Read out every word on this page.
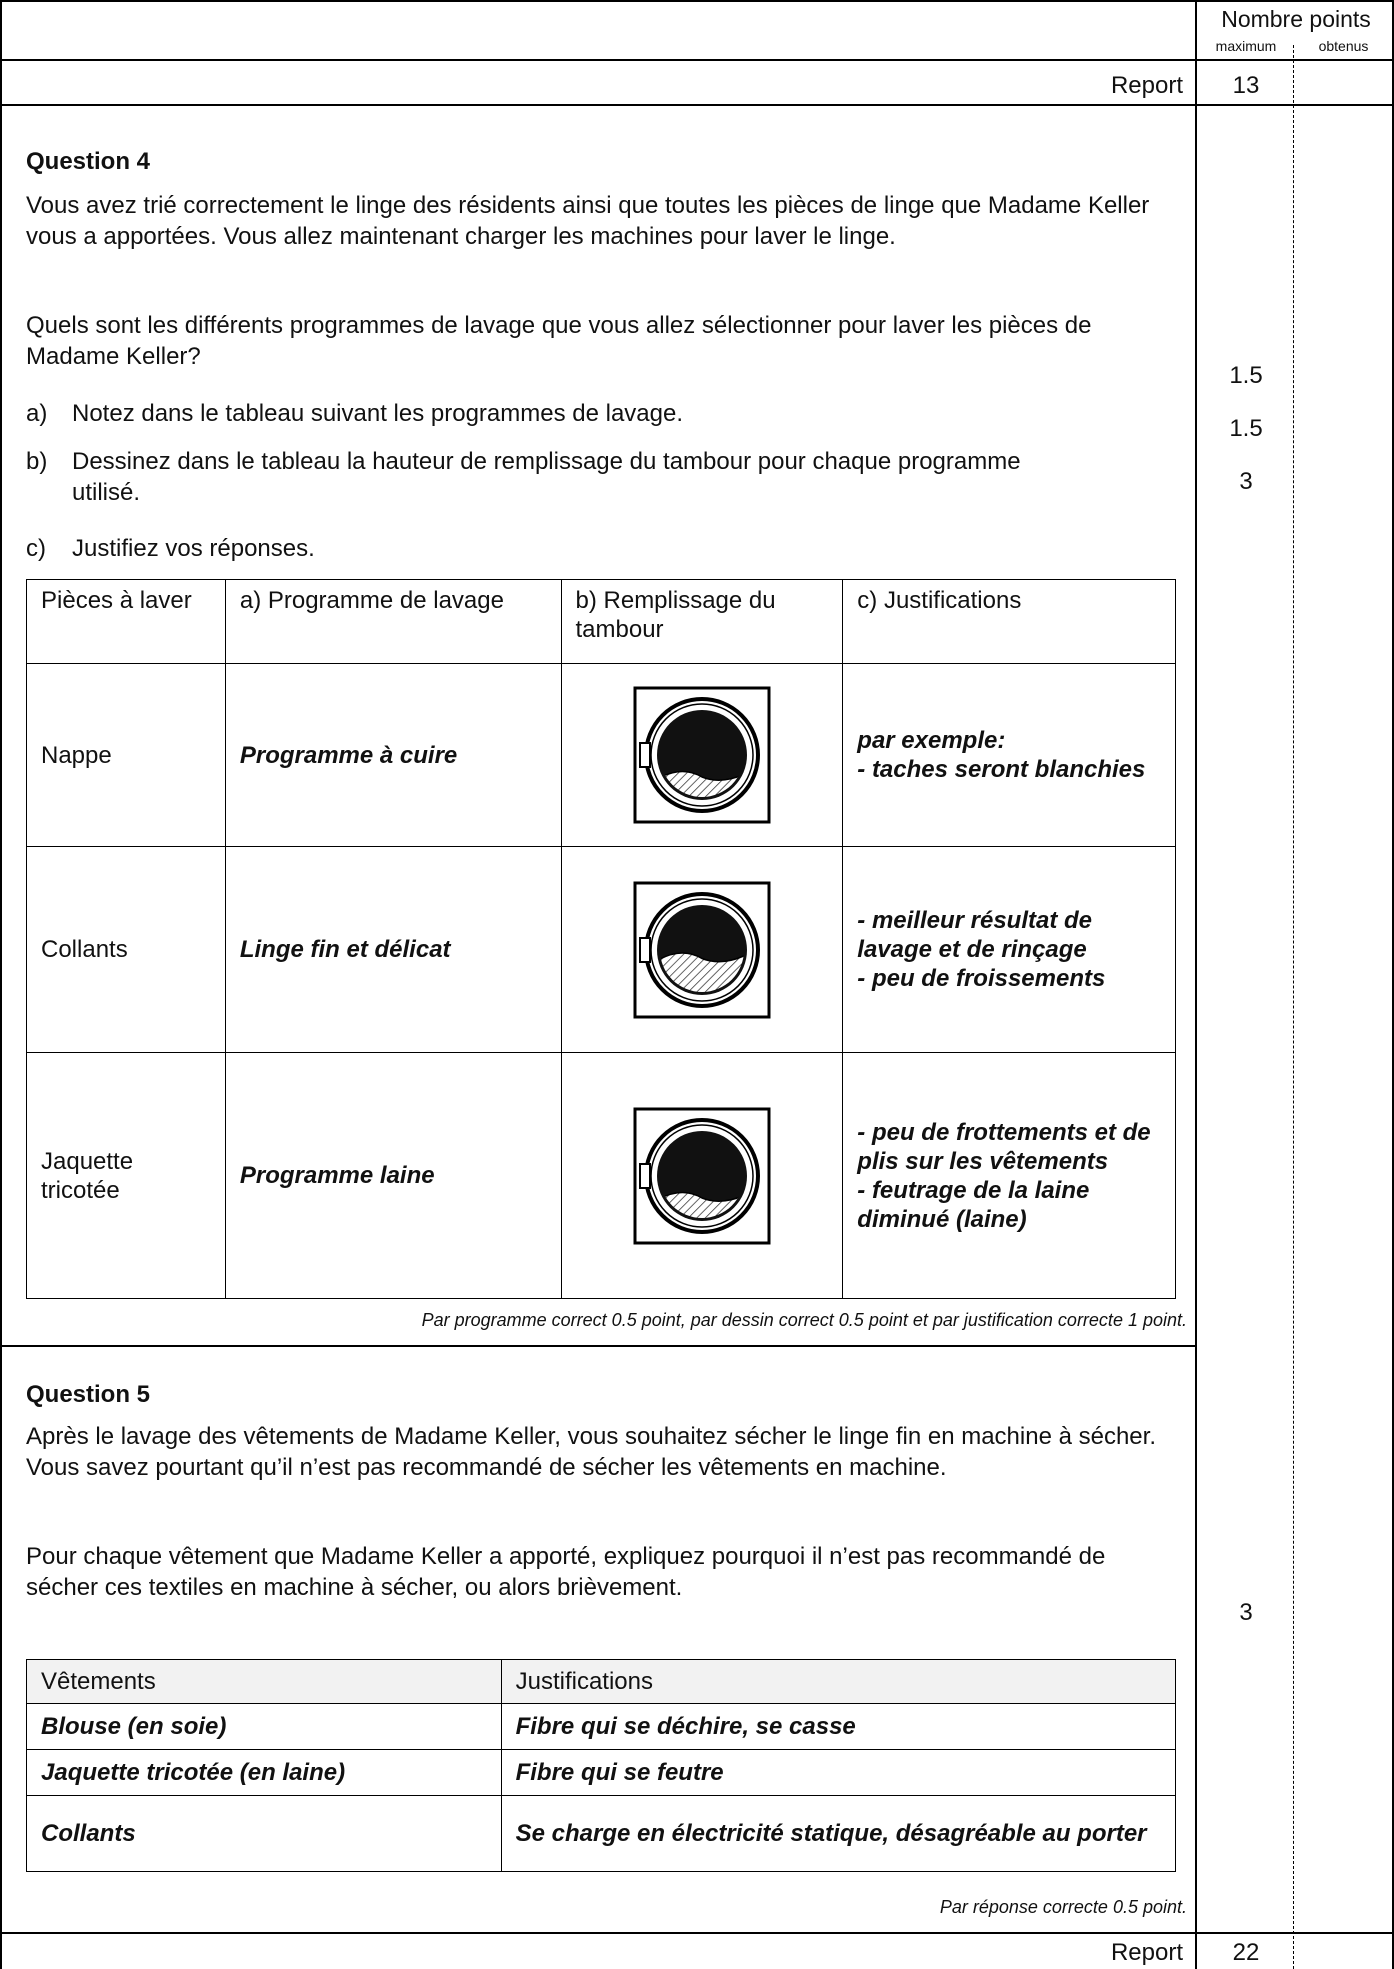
Nombre points
maximum	obtenus
Report	13
Question 4
Vous avez trié correctement le linge des résidents ainsi que toutes les pièces de linge que Madame Keller vous a apportées. Vous allez maintenant charger les machines pour laver le linge.
Quels sont les différents programmes de lavage que vous allez sélectionner pour laver les pièces de Madame Keller?
a) Notez dans le tableau suivant les programmes de lavage.
b) Dessinez dans le tableau la hauteur de remplissage du tambour pour chaque programme utilisé.
c) Justifiez vos réponses.
1.5
1.5
3
Pièces à laver	a) Programme de lavage	b) Remplissage du tambour	c) Justifications
Nappe	Programme à cuire		par exemple:
- taches seront blanchies
Collants	Linge fin et délicat		- meilleur résultat de lavage et de rinçage
- peu de froissements
Jaquette tricotée	Programme laine		- peu de frottements et de plis sur les vêtements
- feutrage de la laine diminué (laine)
Par programme correct 0.5 point, par dessin correct 0.5 point et par justification correcte 1 point.
Question 5
Après le lavage des vêtements de Madame Keller, vous souhaitez sécher le linge fin en machine à sécher. Vous savez pourtant qu’il n’est pas recommandé de sécher les vêtements en machine.
Pour chaque vêtement que Madame Keller a apporté, expliquez pourquoi il n’est pas recommandé de sécher ces textiles en machine à sécher, ou alors brièvement.
3
Vêtements	Justifications
Blouse (en soie)	Fibre qui se déchire, se casse
Jaquette tricotée (en laine)	Fibre qui se feutre
Collants	Se charge en électricité statique, désagréable au porter
Par réponse correcte 0.5 point.
Report	22
